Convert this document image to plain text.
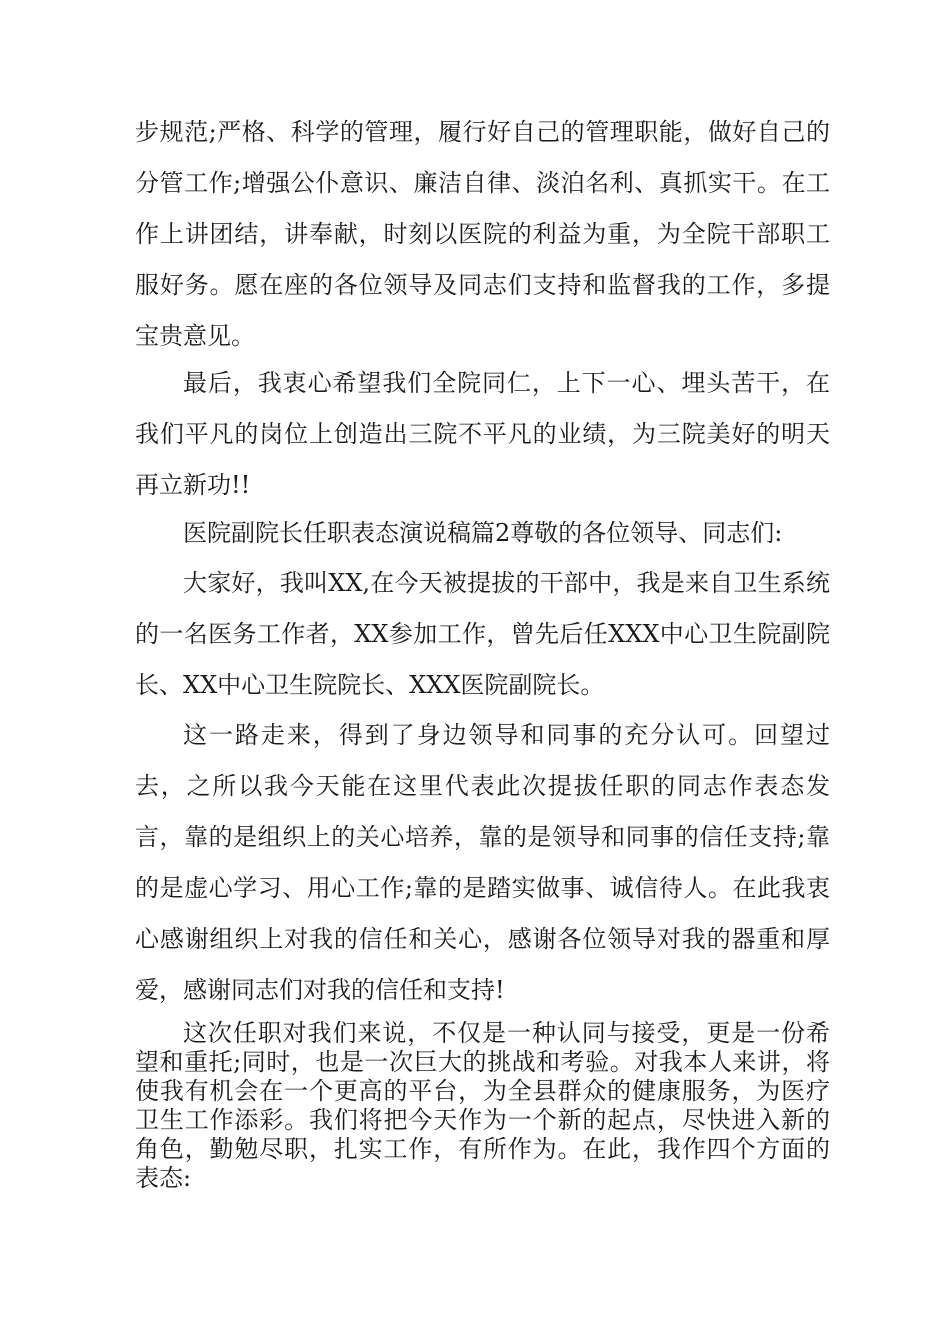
步规范;严格、科学的管理，履行好自己的管理职能，做好自己的分管工作;增强公仆意识、廉洁自律、淡泊名利、真抓实干。在工作上讲团结，讲奉献，时刻以医院的利益为重，为全院干部职工服好务。愿在座的各位领导及同志们支持和监督我的工作，多提宝贵意见。

最后，我衷心希望我们全院同仁，上下一心、埋头苦干，在我们平凡的岗位上创造出三院不平凡的业绩，为三院美好的明天再立新功!!

医院副院长任职表态演说稿篇2尊敬的各位领导、同志们:

大家好，我叫XX,在今天被提拔的干部中，我是来自卫生系统的一名医务工作者，XX参加工作，曾先后任XXX中心卫生院副院长、XX中心卫生院院长、XXX医院副院长。

这一路走来，得到了身边领导和同事的充分认可。回望过去，之所以我今天能在这里代表此次提拔任职的同志作表态发言，靠的是组织上的关心培养，靠的是领导和同事的信任支持;靠的是虚心学习、用心工作;靠的是踏实做事、诚信待人。在此我衷心感谢组织上对我的信任和关心，感谢各位领导对我的器重和厚爱，感谢同志们对我的信任和支持!

这次任职对我们来说，不仅是一种认同与接受，更是一份希望和重托;同时，也是一次巨大的挑战和考验。对我本人来讲，将使我有机会在一个更高的平台，为全县群众的健康服务，为医疗卫生工作添彩。我们将把今天作为一个新的起点，尽快进入新的角色，勤勉尽职，扎实工作，有所作为。在此，我作四个方面的表态:
